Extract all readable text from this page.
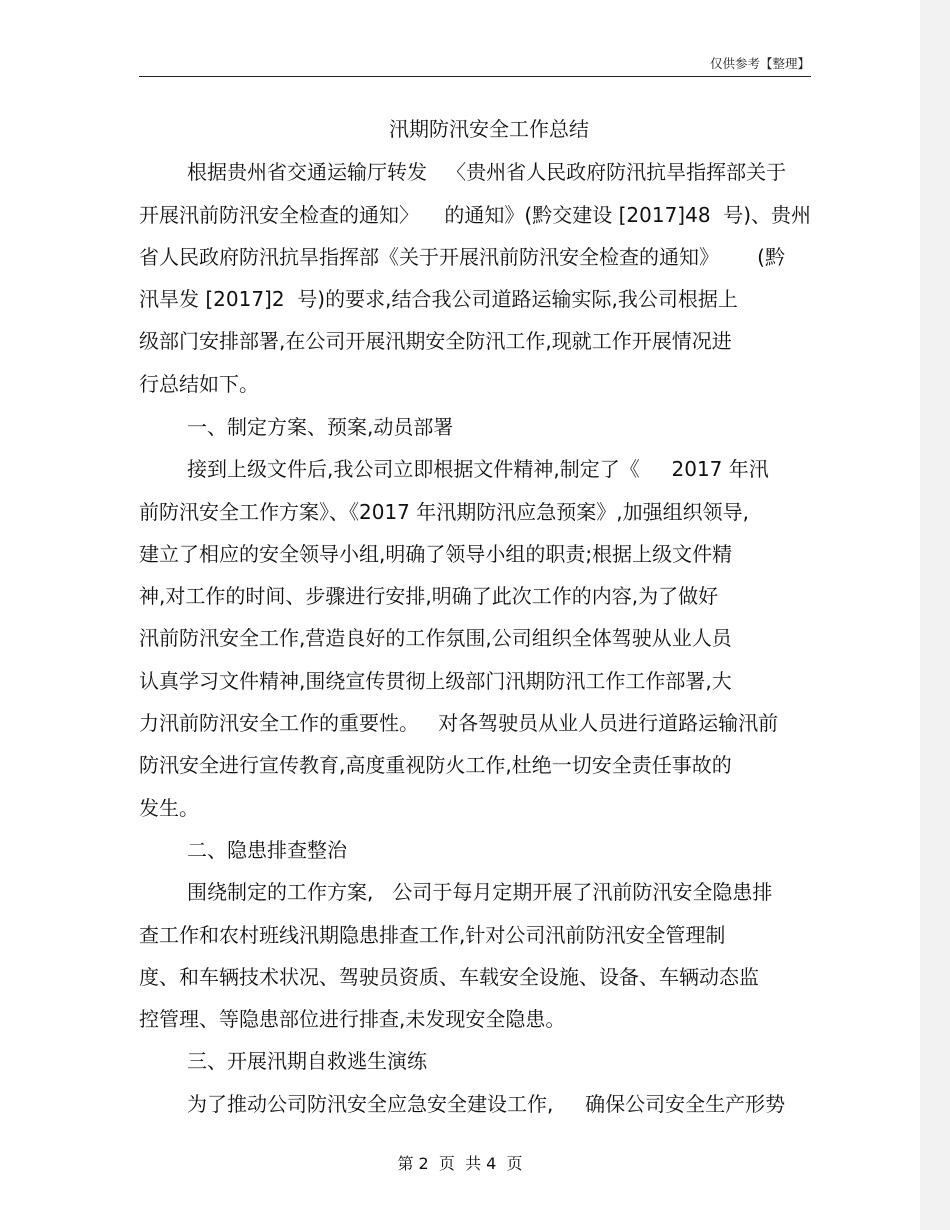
仅供参考【整理】
汛期防汛安全工作总结
根据贵州省交通运输厅转发   〈贵州省人民政府防汛抗旱指挥部关于
开展汛前防汛安全检查的通知〉    的通知》(黔交建设 [2017]48  号)、贵州
省人民政府防汛抗旱指挥部《关于开展汛前防汛安全检查的通知》      (黔
汛旱发 [2017]2  号)的要求,结合我公司道路运输实际,我公司根据上
级部门安排部署,在公司开展汛期安全防汛工作,现就工作开展情况进
行总结如下。
一、制定方案、预案,动员部署
接到上级文件后,我公司立即根据文件精神,制定了《     2017 年汛
前防汛安全工作方案》、《2017 年汛期防汛应急预案》,加强组织领导,
建立了相应的安全领导小组,明确了领导小组的职责;根据上级文件精
神,对工作的时间、步骤进行安排,明确了此次工作的内容,为了做好
汛前防汛安全工作,营造良好的工作氛围,公司组织全体驾驶从业人员
认真学习文件精神,围绕宣传贯彻上级部门汛期防汛工作工作部署,大
力汛前防汛安全工作的重要性。   对各驾驶员从业人员进行道路运输汛前
防汛安全进行宣传教育,高度重视防火工作,杜绝一切安全责任事故的
发生。
二、隐患排查整治
围绕制定的工作方案,   公司于每月定期开展了汛前防汛安全隐患排
查工作和农村班线汛期隐患排查工作,针对公司汛前防汛安全管理制
度、和车辆技术状况、驾驶员资质、车载安全设施、设备、车辆动态监
控管理、等隐患部位进行排查,未发现安全隐患。
三、开展汛期自救逃生演练
为了推动公司防汛安全应急安全建设工作,     确保公司安全生产形势
第 2  页  共 4  页
